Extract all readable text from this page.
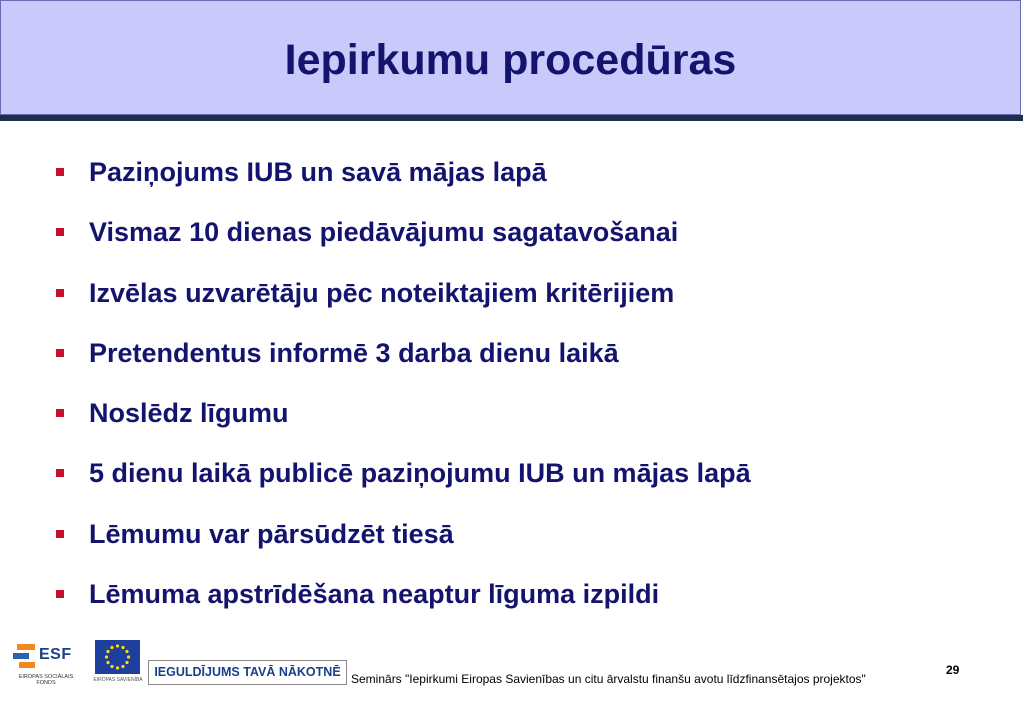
Iepirkumu procedūras
Paziņojums IUB un savā mājas lapā
Vismaz 10 dienas piedāvājumu sagatavošanai
Izvēlas uzvarētāju pēc noteiktajiem kritērijiem
Pretendentus informē 3 darba dienu laikā
Noslēdz līgumu
5 dienu laikā publicē paziņojumu IUB un mājas lapā
Lēmumu var pārsūdzēt tiesā
Lēmuma apstrīdēšana neaptur līguma izpildi
ESF
EIROPAS SOCIĀLAIS FONDS	EIROPAS SAVIENĪBA
IEGULDĪJUMS TAVĀ NĀKOTNĒ Seminārs "Iepirkumi Eiropas Savienības un citu ārvalstu finanšu avotu līdzfinansētajos projektos"
29
